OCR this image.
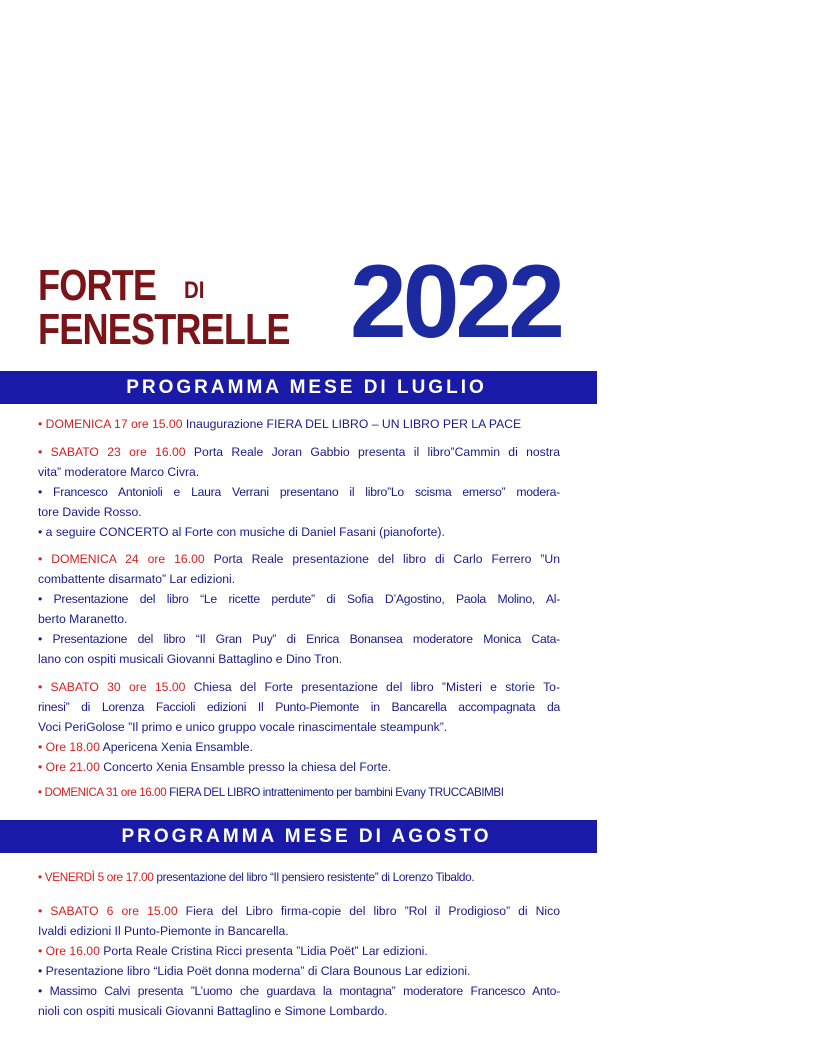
FORTE DI
FENESTRELLE 2022
PROGRAMMA MESE DI LUGLIO
• DOMENICA 17 ore 15.00 Inaugurazione FIERA DEL LIBRO – UN LIBRO PER LA PACE
• SABATO 23 ore 16.00 Porta Reale Joran Gabbio presenta il libro”Cammin di nostra
vita” moderatore Marco Civra.
• Francesco Antonioli e Laura Verrani presentano il libro”Lo scisma emerso” modera-
tore Davide Rosso.
• a seguire CONCERTO al Forte con musiche di Daniel Fasani (pianoforte).
• DOMENICA 24 ore 16.00 Porta Reale presentazione del libro di Carlo Ferrero ”Un
combattente disarmato” Lar edizioni.
• Presentazione del libro “Le ricette perdute” di Sofia D’Agostino, Paola Molino, Al-
berto Maranetto.
• Presentazione del libro “Il Gran Puy” di Enrica Bonansea moderatore Monica Cata-
lano con ospiti musicali Giovanni Battaglino e Dino Tron.
• SABATO 30 ore 15.00 Chiesa del Forte presentazione del libro ”Misteri e storie To-
rinesi” di Lorenza Faccioli edizioni Il Punto-Piemonte in Bancarella accompagnata da
Voci PeriGolose ”Il primo e unico gruppo vocale rinascimentale steampunk”.
• Ore 18.00 Apericena Xenia Ensamble.
• Ore 21.00 Concerto Xenia Ensamble presso la chiesa del Forte.
• DOMENICA 31 ore 16.00 FIERA DEL LIBRO intrattenimento per bambini Evany TRUCCABIMBI
PROGRAMMA MESE DI AGOSTO
• VENERDÌ 5 ore 17.00 presentazione del libro “Il pensiero resistente” di Lorenzo Tibaldo.
• SABATO 6 ore 15.00 Fiera del Libro firma-copie del libro ”Rol il Prodigioso” di Nico
Ivaldi edizioni Il Punto-Piemonte in Bancarella.
• Ore 16.00 Porta Reale Cristina Ricci presenta ”Lidia Poët” Lar edizioni.
• Presentazione libro “Lidia Poët donna moderna” di Clara Bounous Lar edizioni.
• Massimo Calvi presenta ”L’uomo che guardava la montagna” moderatore Francesco Anto-
nioli con ospiti musicali Giovanni Battaglino e Simone Lombardo.
